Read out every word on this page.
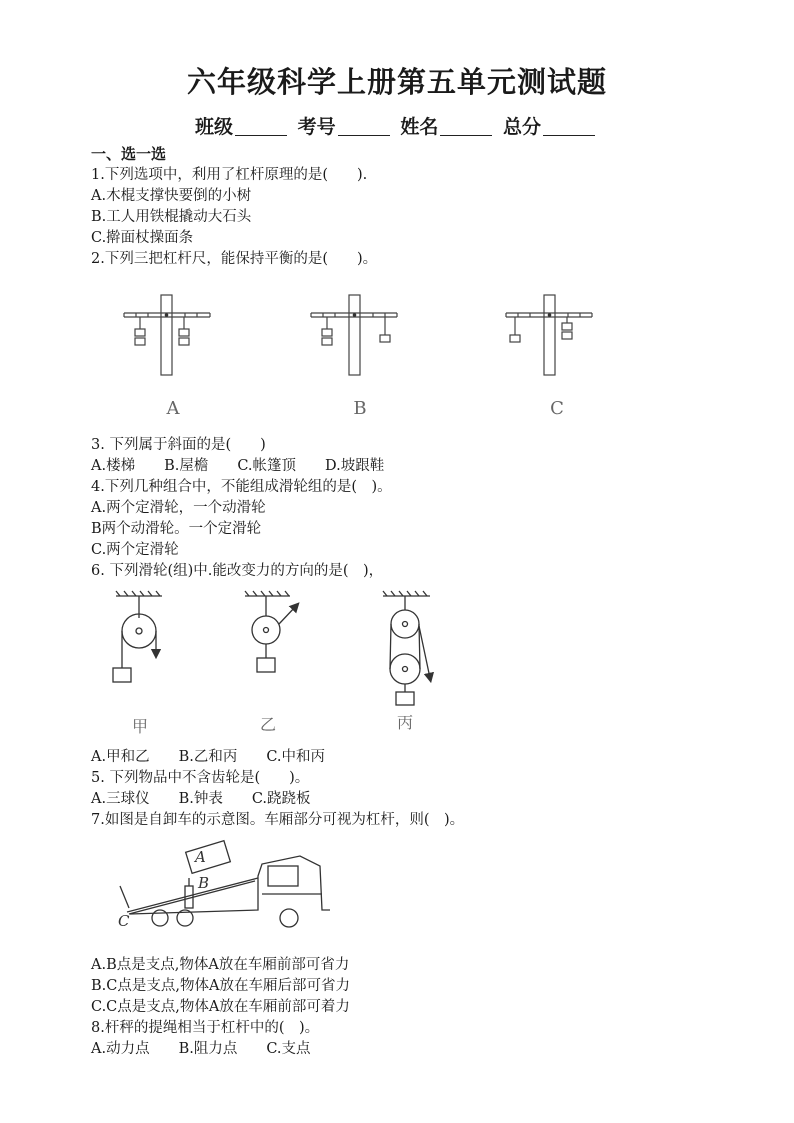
六年级科学上册第五单元测试题
班级	考号	姓名	总分
一、选一选
1.下列选项中，利用了杠杆原理的是(　　).
A.木棍支撑快要倒的小树
B.工人用铁棍撬动大石头
C.擀面杖操面条
2.下列三把杠杆尺，能保持平衡的是(　　)。
A	B	C
3. 下列属于斜面的是(　　)
A.楼梯　　B.屋檐　　C.帐篷顶　　D.坡跟鞋
4.下列几种组合中，不能组成滑轮组的是(　)。
A.两个定滑轮，一个动滑轮
B两个动滑轮。一个定滑轮
C.两个定滑轮
6. 下列滑轮(组)中.能改变力的方向的是(　)，
甲	乙	丙
A.甲和乙　　B.乙和丙　　C.中和丙
5. 下列物品中不含齿轮是(　　)。
A.三球仪　　B.钟表　　C.跷跷板
7.如图是自卸车的示意图。车厢部分可视为杠杆，则(　)。
A
B
C
A.B点是支点,物体A放在车厢前部可省力
B.C点是支点,物体A放在车厢后部可省力
C.C点是支点,物体A放在车厢前部可着力
8.杆秤的提绳相当于杠杆中的(　)。
A.动力点　　B.阻力点　　C.支点
